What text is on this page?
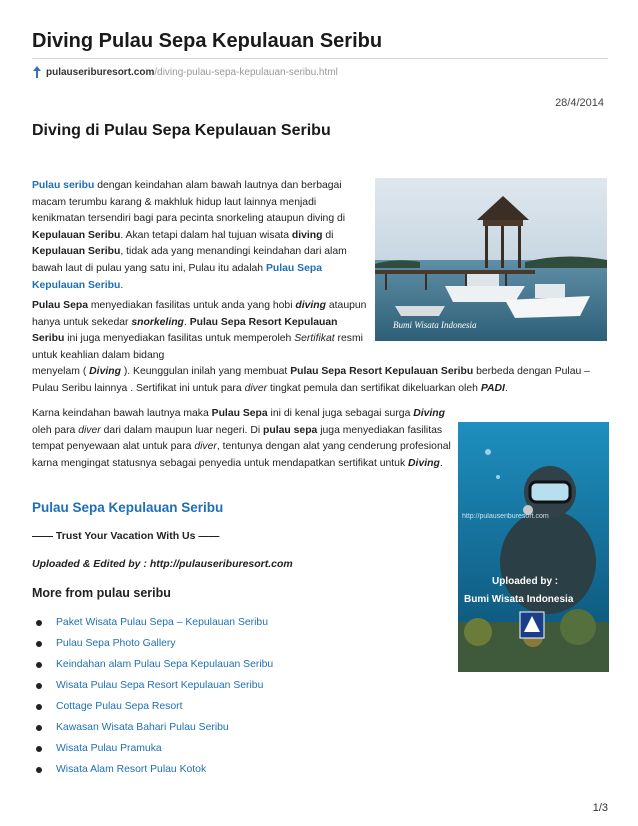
Diving Pulau Sepa Kepulauan Seribu
pulauseriburesort.com/diving-pulau-sepa-kepulauan-seribu.html
28/4/2014
Diving di Pulau Sepa Kepulauan Seribu
Pulau seribu dengan keindahan alam bawah lautnya dan berbagai macam terumbu karang & makhluk hidup laut lainnya menjadi kenikmatan tersendiri bagi para pecinta snorkeling ataupun diving di Kepulauan Seribu. Akan tetapi dalam hal tujuan wisata diving di Kepulauan Seribu, tidak ada yang menandingi keindahan dari alam bawah laut di pulau yang satu ini, Pulau itu adalah Pulau Sepa Kepulauan Seribu.
Bumi Wisata Indonesia
Pulau Sepa menyediakan fasilitas untuk anda yang hobi diving ataupun hanya untuk sekedar snorkeling. Pulau Sepa Resort Kepulauan Seribu ini juga menyediakan fasilitas untuk memperoleh Sertifikat resmi untuk keahlian dalam bidang
menyelam ( Diving ). Keunggulan inilah yang membuat Pulau Sepa Resort Kepulauan Seribu berbeda dengan Pulau – Pulau Seribu lainnya . Sertifikat ini untuk para diver tingkat pemula dan sertifikat dikeluarkan oleh PADI.
Karna keindahan bawah lautnya maka Pulau Sepa ini di kenal juga sebagai surga Diving oleh para diver dari dalam maupun luar negeri. Di pulau sepa juga menyediakan fasilitas tempat penyewaan alat untuk para diver, tentunya dengan alat yang cenderung profesional karna mengingat statusnya sebagai penyedia untuk mendapatkan sertifikat untuk Diving.
http://pulauseriburesort.com
Uploaded by :
Bumi Wisata Indonesia
Pulau Sepa Kepulauan Seribu
—— Trust Your Vacation With Us ——
Uploaded & Edited by : http://pulauseriburesort.com
More from pulau seribu
Paket Wisata Pulau Sepa – Kepulauan Seribu
Pulau Sepa Photo Gallery
Keindahan alam Pulau Sepa Kepulauan Seribu
Wisata Pulau Sepa Resort Kepulauan Seribu
Cottage Pulau Sepa Resort
Kawasan Wisata Bahari Pulau Seribu
Wisata Pulau Pramuka
Wisata Alam Resort Pulau Kotok
1/3
